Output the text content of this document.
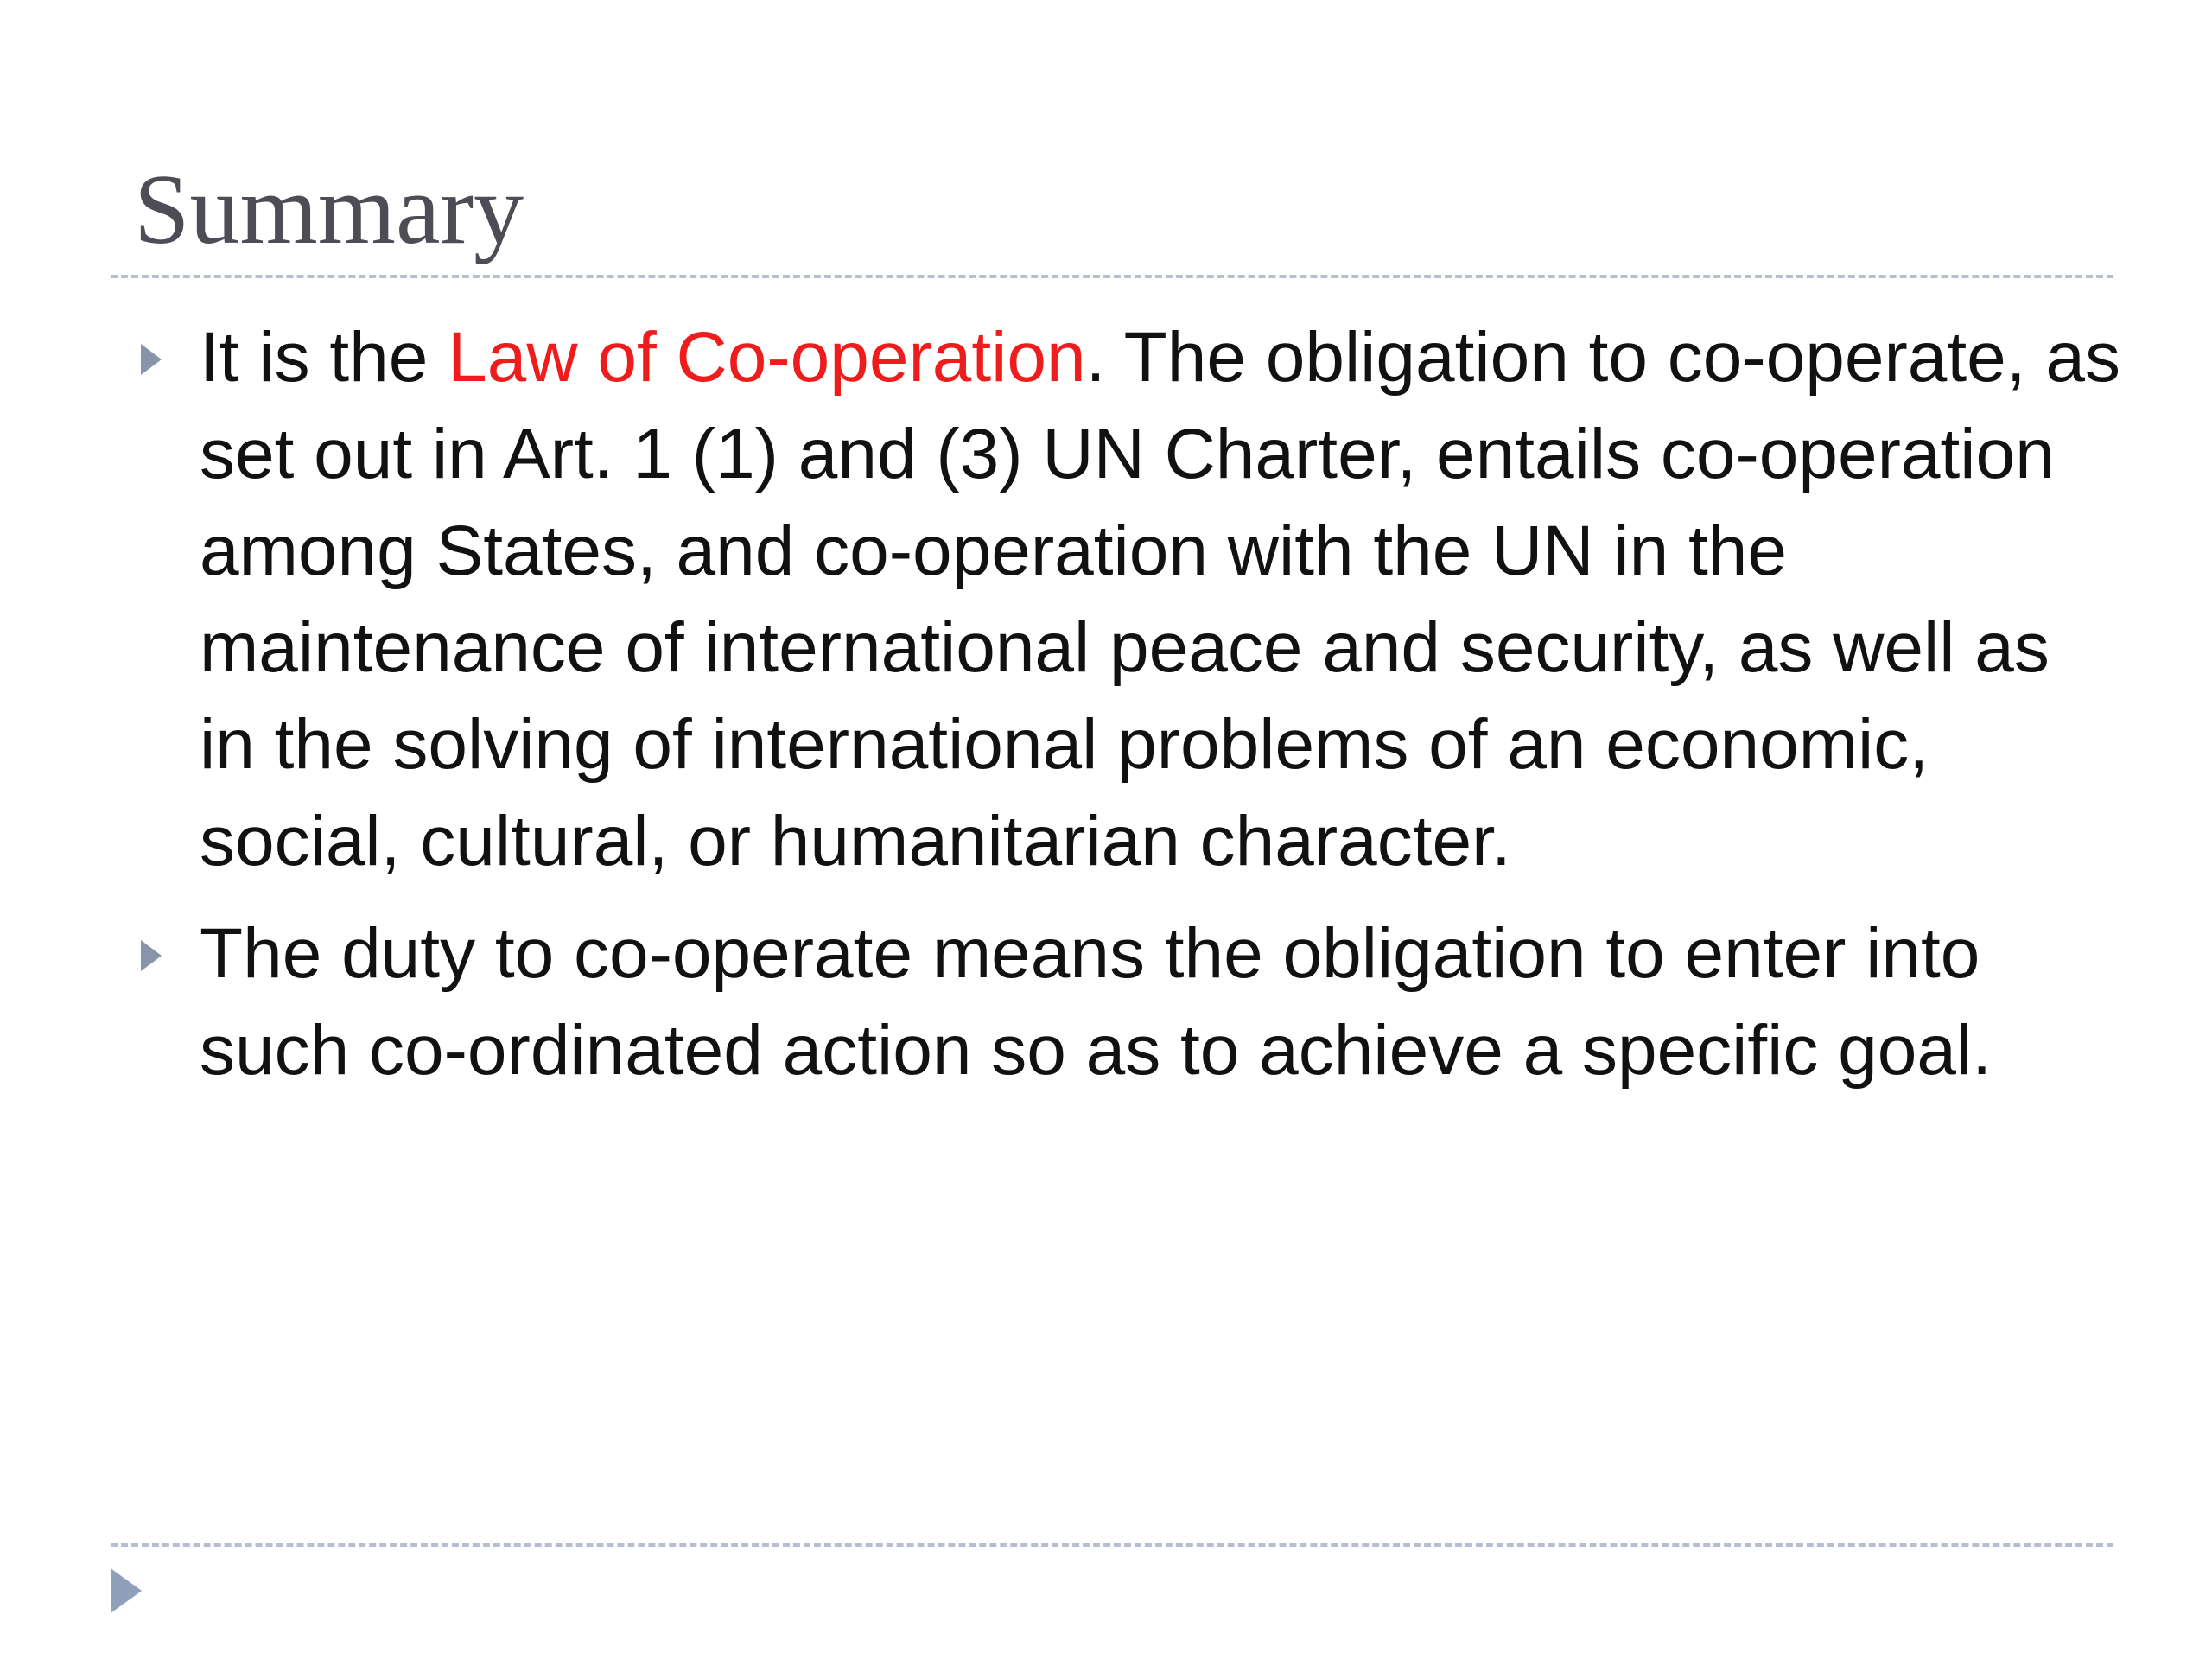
Summary
It is the Law of Co-operation. The obligation to co-operate, as set out in Art. 1 (1) and (3) UN Charter, entails co-operation among States, and co-operation with the UN in the maintenance of international peace and security, as well as in the solving of international problems of an economic, social, cultural, or humanitarian character.
The duty to co-operate means the obligation to enter into such co-ordinated action so as to achieve a specific goal.
